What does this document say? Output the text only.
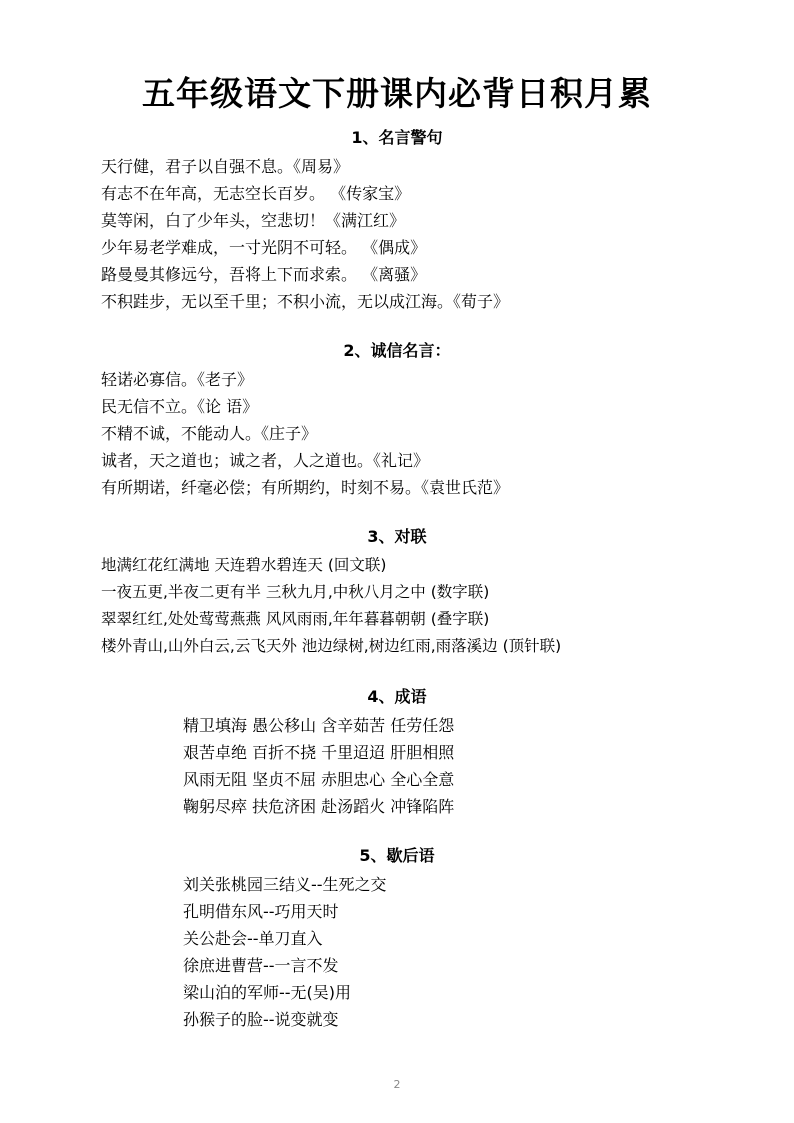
五年级语文下册课内必背日积月累
1、名言警句
天行健，君子以自强不息。《周易》
有志不在年高，无志空长百岁。 《传家宝》
莫等闲，白了少年头，空悲切！《满江红》
少年易老学难成，一寸光阴不可轻。 《偶成》
路曼曼其修远兮，吾将上下而求索。 《离骚》
不积跬步，无以至千里；不积小流，无以成江海。《荀子》
2、诚信名言：
轻诺必寡信。《老子》
民无信不立。《论 语》
不精不诚，不能动人。《庄子》
诚者，天之道也；诚之者，人之道也。《礼记》
有所期诺，纤毫必偿；有所期约，时刻不易。《袁世氏范》
3、对联
地满红花红满地 天连碧水碧连天 (回文联)
一夜五更,半夜二更有半 三秋九月,中秋八月之中 (数字联)
翠翠红红,处处莺莺燕燕 风风雨雨,年年暮暮朝朝 (叠字联)
楼外青山,山外白云,云飞天外 池边绿树,树边红雨,雨落溪边 (顶针联)
4、成语
精卫填海 愚公移山 含辛茹苦 任劳任怨
艰苦卓绝 百折不挠 千里迢迢 肝胆相照
风雨无阻 坚贞不屈 赤胆忠心 全心全意
鞠躬尽瘁 扶危济困 赴汤蹈火 冲锋陷阵
5、歇后语
刘关张桃园三结义--生死之交
孔明借东风--巧用天时
关公赴会--单刀直入
徐庶进曹营--一言不发
梁山泊的军师--无(吴)用
孙猴子的脸--说变就变
2
